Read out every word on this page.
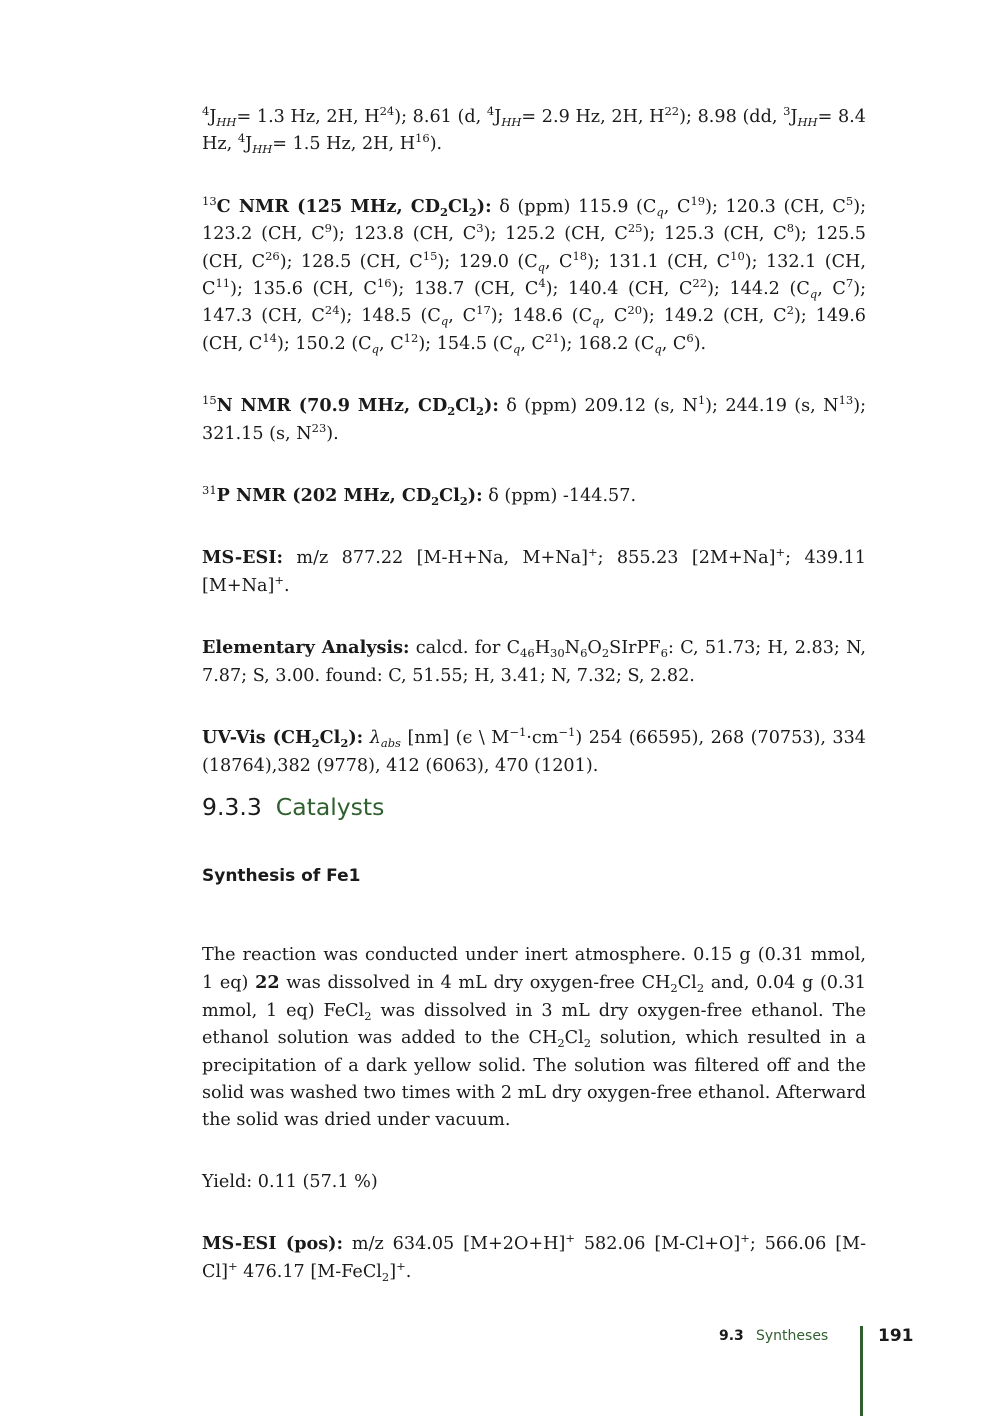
$^4J_{HH}= 1.3$ Hz, 2H, $H^{24}$); 8.61 (d, $^4J_{HH}= 2.9$ Hz, 2H, $H^{22}$); 8.98 (dd, $^3J_{HH}= 8.4$ Hz, $^4J_{HH}= 1.5$ Hz, 2H, $H^{16}$).

$^{13}$C NMR (125 MHz, $CD_2Cl_2$): δ (ppm) 115.9 ($C_q$, $C^{19}$); 120.3 (CH, $C^5$); 123.2 (CH, $C^9$); 123.8 (CH, $C^3$); 125.2 (CH, $C^{25}$); 125.3 (CH, $C^8$); 125.5 (CH, $C^{26}$); 128.5 (CH, $C^{15}$); 129.0 ($C_q$, $C^{18}$); 131.1 (CH, $C^{10}$); 132.1 (CH, $C^{11}$); 135.6 (CH, $C^{16}$); 138.7 (CH, $C^4$); 140.4 (CH, $C^{22}$); 144.2 ($C_q$, $C^7$); 147.3 (CH, $C^{24}$); 148.5 ($C_q$, $C^{17}$); 148.6 ($C_q$, $C^{20}$); 149.2 (CH, $C^2$); 149.6 (CH, $C^{14}$); 150.2 ($C_q$, $C^{12}$); 154.5 ($C_q$, $C^{21}$); 168.2 ($C_q$, $C^6$).

$^{15}$N NMR (70.9 MHz, $CD_2Cl_2$): δ (ppm) 209.12 (s, $N^1$); 244.19 (s, $N^{13}$); 321.15 (s, $N^{23}$).

$^{31}$P NMR (202 MHz, $CD_2Cl_2$): δ (ppm) -144.57.

MS-ESI: m/z 877.22 [M-H+Na, M+Na]+; 855.23 [2M+Na]+; 439.11 [M+Na]+.

Elementary Analysis: calcd. for $C_{46}H_{30}N_6O_2SIrPF_6$: C, 51.73; H, 2.83; N, 7.87; S, 3.00. found: C, 51.55; H, 3.41; N, 7.32; S, 2.82.

UV-Vis $(CH_2Cl_2)$: $\lambda_{abs}$ [nm] (ϵ \ $M^{-1}\cdot cm^{-1}$) 254 (66595), 268 (70753), 334 (18764),382 (9778), 412 (6063), 470 (1201).

9.3.3 Catalysts
Synthesis of Fe1

The reaction was conducted under inert atmosphere. 0.15 g (0.31 mmol, 1 eq) 22 was dissolved in 4 mL dry oxygen-free $CH_2Cl_2$ and, 0.04 g (0.31 mmol, 1 eq) FeCl$_2$ was dissolved in 3 mL dry oxygen-free ethanol. The ethanol solution was added to the $CH_2Cl_2$ solution, which resulted in a precipitation of a dark yellow solid. The solution was filtered off and the solid was washed two times with 2 mL dry oxygen-free ethanol. Afterward the solid was dried under vacuum.

Yield: 0.11 (57.1 %)

MS-ESI (pos): m/z 634.05 [M+2O+H]+ 582.06 [M-Cl+O]+; 566.06 [M-Cl]+ 476.17 [M-FeCl$_2$]+.

9.3 Syntheses	191
